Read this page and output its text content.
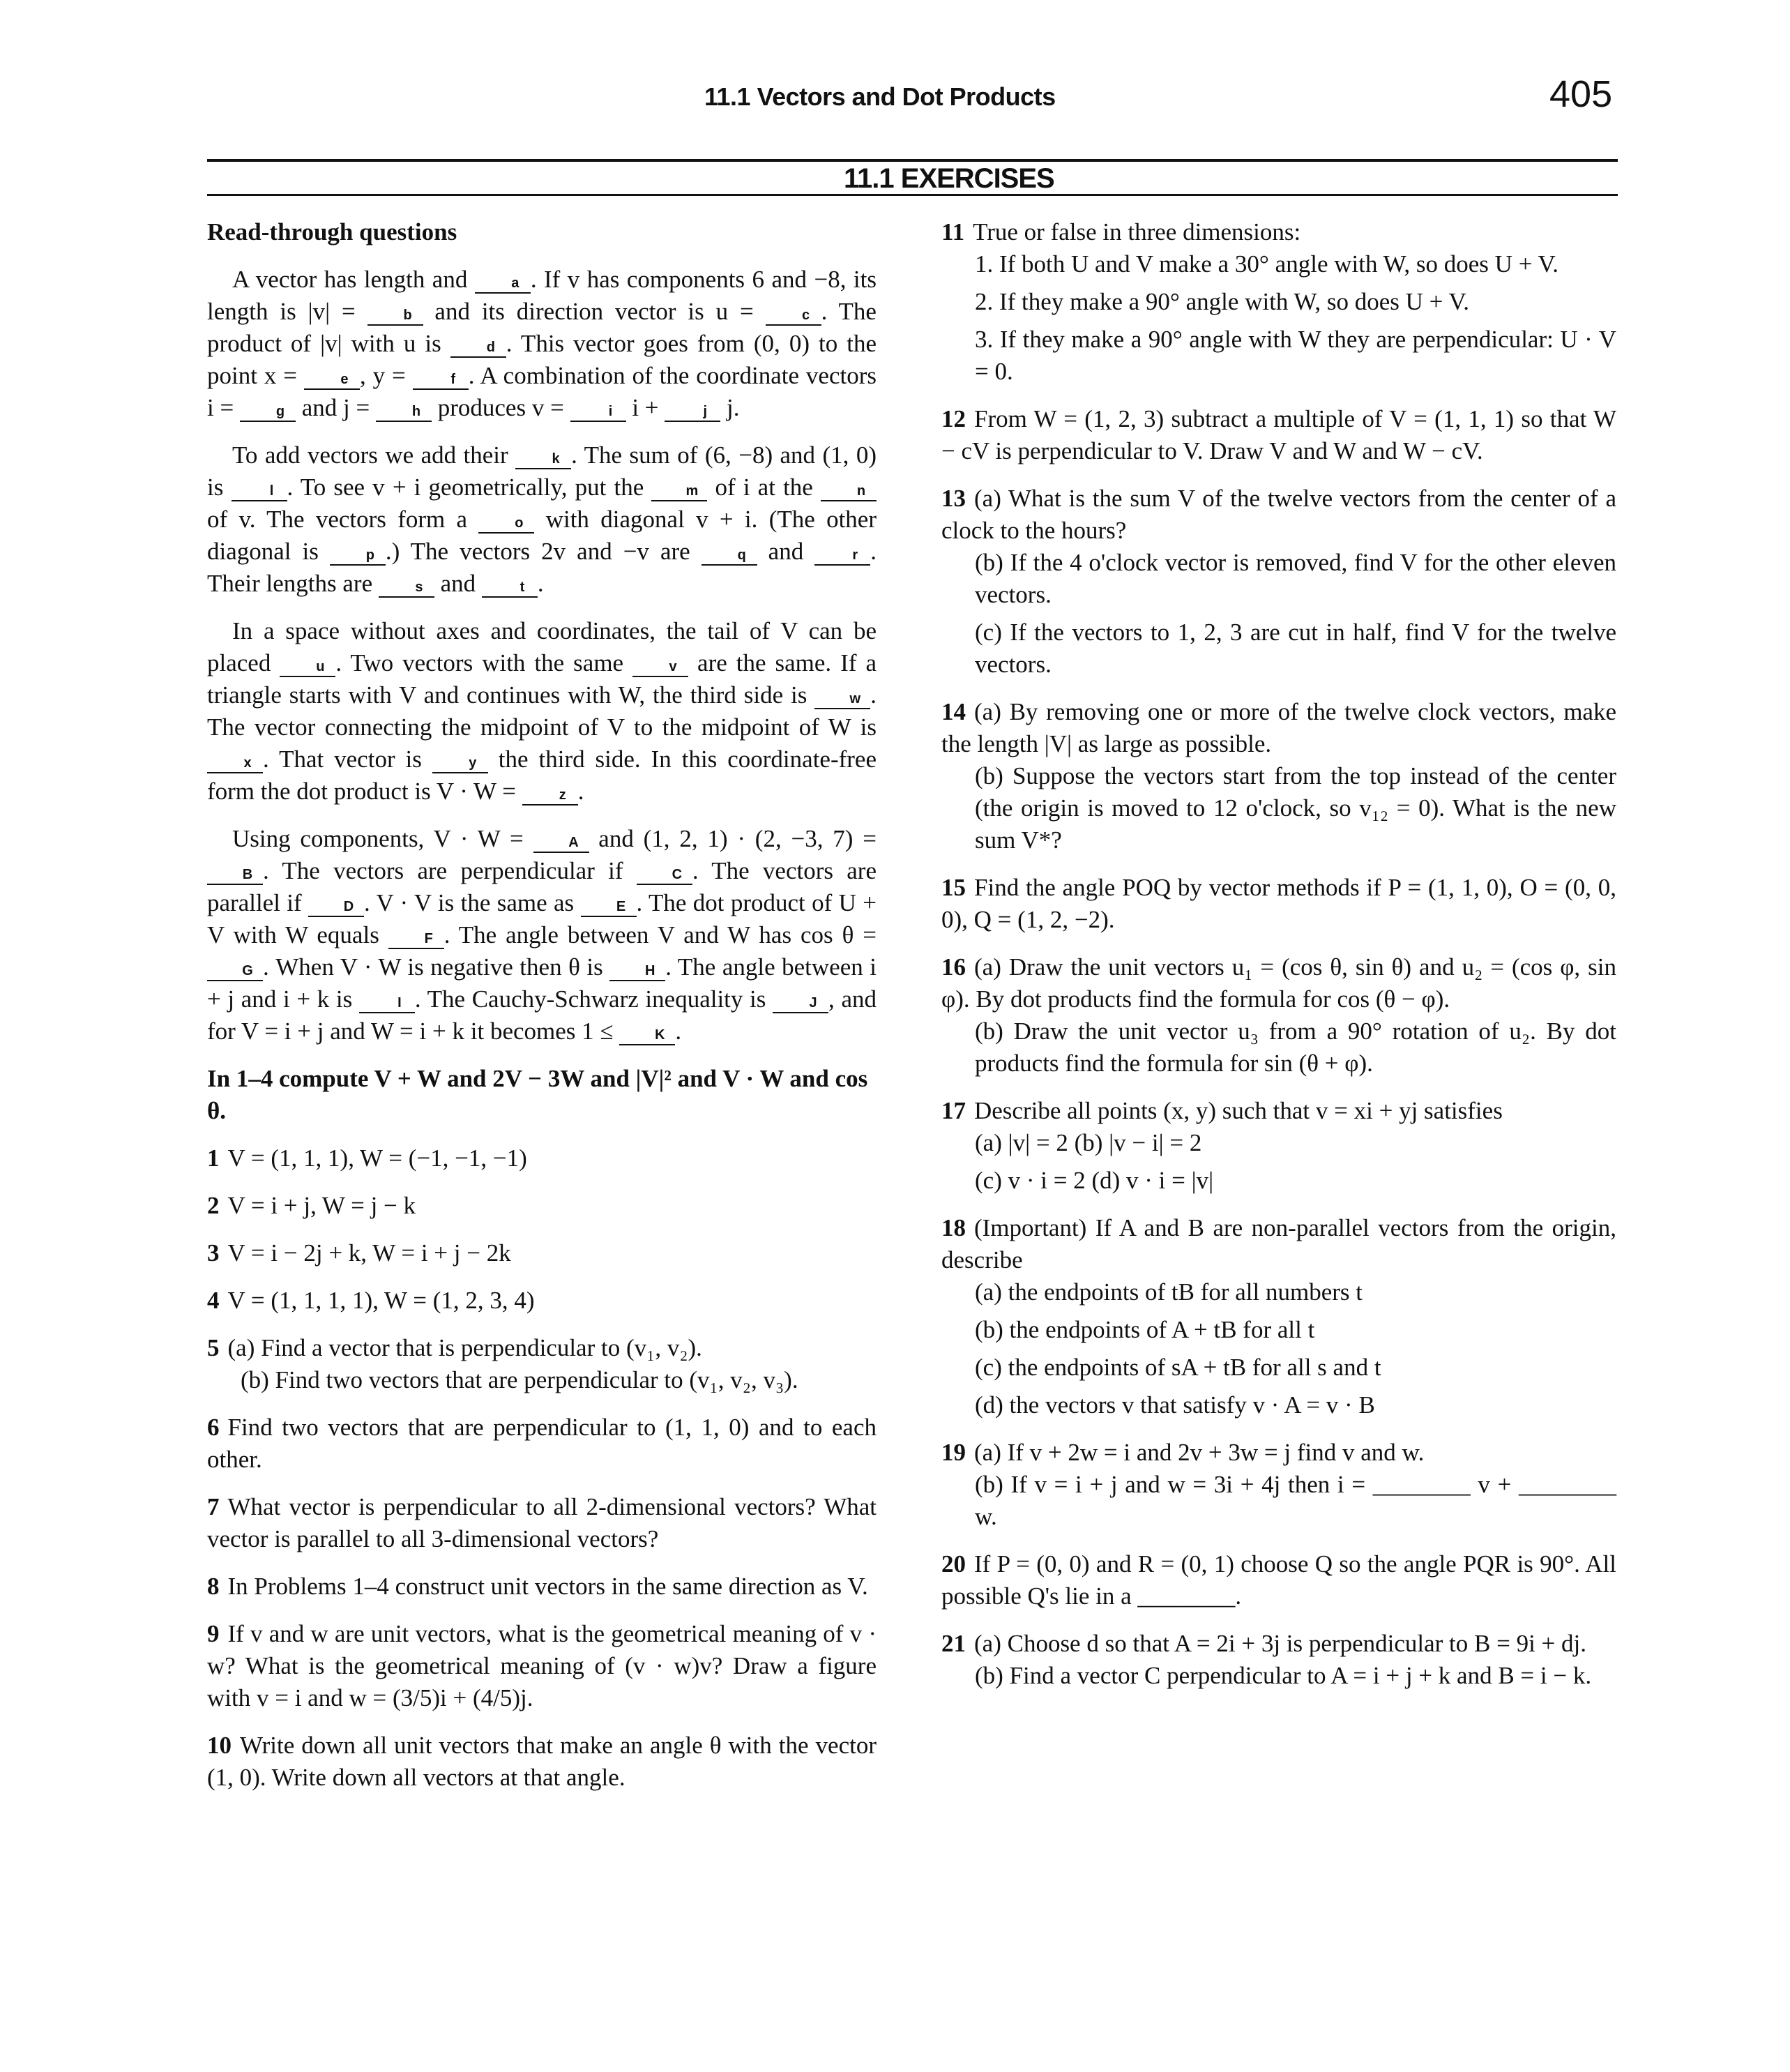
11.1 Vectors and Dot Products	405
11.1 EXERCISES
Read-through questions

A vector has length and	a . If v has components 6 and −8, its length is |v| =	b and its direction vector is u =	c . The product of |v| with u is	d . This vector goes from (0, 0) to the point x =	e , y =	f . A combination of the coordinate vectors i =	g and j =	h produces v =	i i +	j j.

To add vectors we add their	k . The sum of (6, −8) and (1, 0) is	l . To see v + i geometrically, put the m of i at the	n of v. The vectors form a	o with diagonal v + i. (The other diagonal is	p .) The vectors 2v and −v are	q and	r . Their lengths are	s and	t .

In a space without axes and coordinates, the tail of V can be placed	u . Two vectors with the same	v are the same. If a triangle starts with V and continues with W, the third side is	w . The vector connecting the midpoint of V to the midpoint of W is x . That vector is	y the third side. In this coordinate-free form the dot product is V · W =	z .

Using components, V · W =	A and (1, 2, 1) · (2, −3, 7) = B . The vectors are perpendicular if	C . The vectors are parallel if	D . V · V is the same as	E . The dot product of U + V with W equals	F . The angle between V and W has cos θ = G . When V · W is negative then θ is	H . The angle between i + j and i + k is	I . The Cauchy-Schwarz inequality is	J , and for V = i + j and W = i + k it becomes 1 ≤	K .

In 1–4 compute V + W and 2V − 3W and |V|² and V · W and cos θ.
1 V = (1, 1, 1), W = (−1, −1, −1)
2 V = i + j, W = j − k
3 V = i − 2j + k, W = i + j − 2k
4 V = (1, 1, 1, 1), W = (1, 2, 3, 4)
5 (a) Find a vector that is perpendicular to (v₁, v₂).
(b) Find two vectors that are perpendicular to (v₁, v₂, v₃).
6 Find two vectors that are perpendicular to (1, 1, 0) and to each other.
7 What vector is perpendicular to all 2-dimensional vectors? What vector is parallel to all 3-dimensional vectors?
8 In Problems 1–4 construct unit vectors in the same direction as V.
9 If v and w are unit vectors, what is the geometrical meaning of v · w? What is the geometrical meaning of (v · w)v? Draw a figure with v = i and w = (3/5)i + (4/5)j.
10 Write down all unit vectors that make an angle θ with the vector (1, 0). Write down all vectors at that angle.
11 True or false in three dimensions:
1. If both U and V make a 30° angle with W, so does U + V.
2. If they make a 90° angle with W, so does U + V.
3. If they make a 90° angle with W they are perpendicular: U · V = 0.
12 From W = (1, 2, 3) subtract a multiple of V = (1, 1, 1) so that W − cV is perpendicular to V. Draw V and W and W − cV.
13 (a) What is the sum V of the twelve vectors from the center of a clock to the hours?
(b) If the 4 o'clock vector is removed, find V for the other eleven vectors.
(c) If the vectors to 1, 2, 3 are cut in half, find V for the twelve vectors.
14 (a) By removing one or more of the twelve clock vectors, make the length |V| as large as possible.
(b) Suppose the vectors start from the top instead of the center (the origin is moved to 12 o'clock, so v₁₂ = 0). What is the new sum V*?
15 Find the angle POQ by vector methods if P = (1, 1, 0), O = (0, 0, 0), Q = (1, 2, −2).
16 (a) Draw the unit vectors u₁ = (cos θ, sin θ) and u₂ = (cos φ, sin φ). By dot products find the formula for cos (θ − φ).
(b) Draw the unit vector u₃ from a 90° rotation of u₂. By dot products find the formula for sin (θ + φ).
17 Describe all points (x, y) such that v = xi + yj satisfies
(a) |v| = 2 (b) |v − i| = 2
(c) v · i = 2 (d) v · i = |v|
18 (Important) If A and B are non-parallel vectors from the origin, describe
(a) the endpoints of tB for all numbers t
(b) the endpoints of A + tB for all t
(c) the endpoints of sA + tB for all s and t
(d) the vectors v that satisfy v · A = v · B
19 (a) If v + 2w = i and 2v + 3w = j find v and w.
(b) If v = i + j and w = 3i + 4j then i = ________ v + ________ w.
20 If P = (0, 0) and R = (0, 1) choose Q so the angle PQR is 90°. All possible Q's lie in a ________.
21 (a) Choose d so that A = 2i + 3j is perpendicular to B = 9i + dj.
(b) Find a vector C perpendicular to A = i + j + k and B = i − k.
